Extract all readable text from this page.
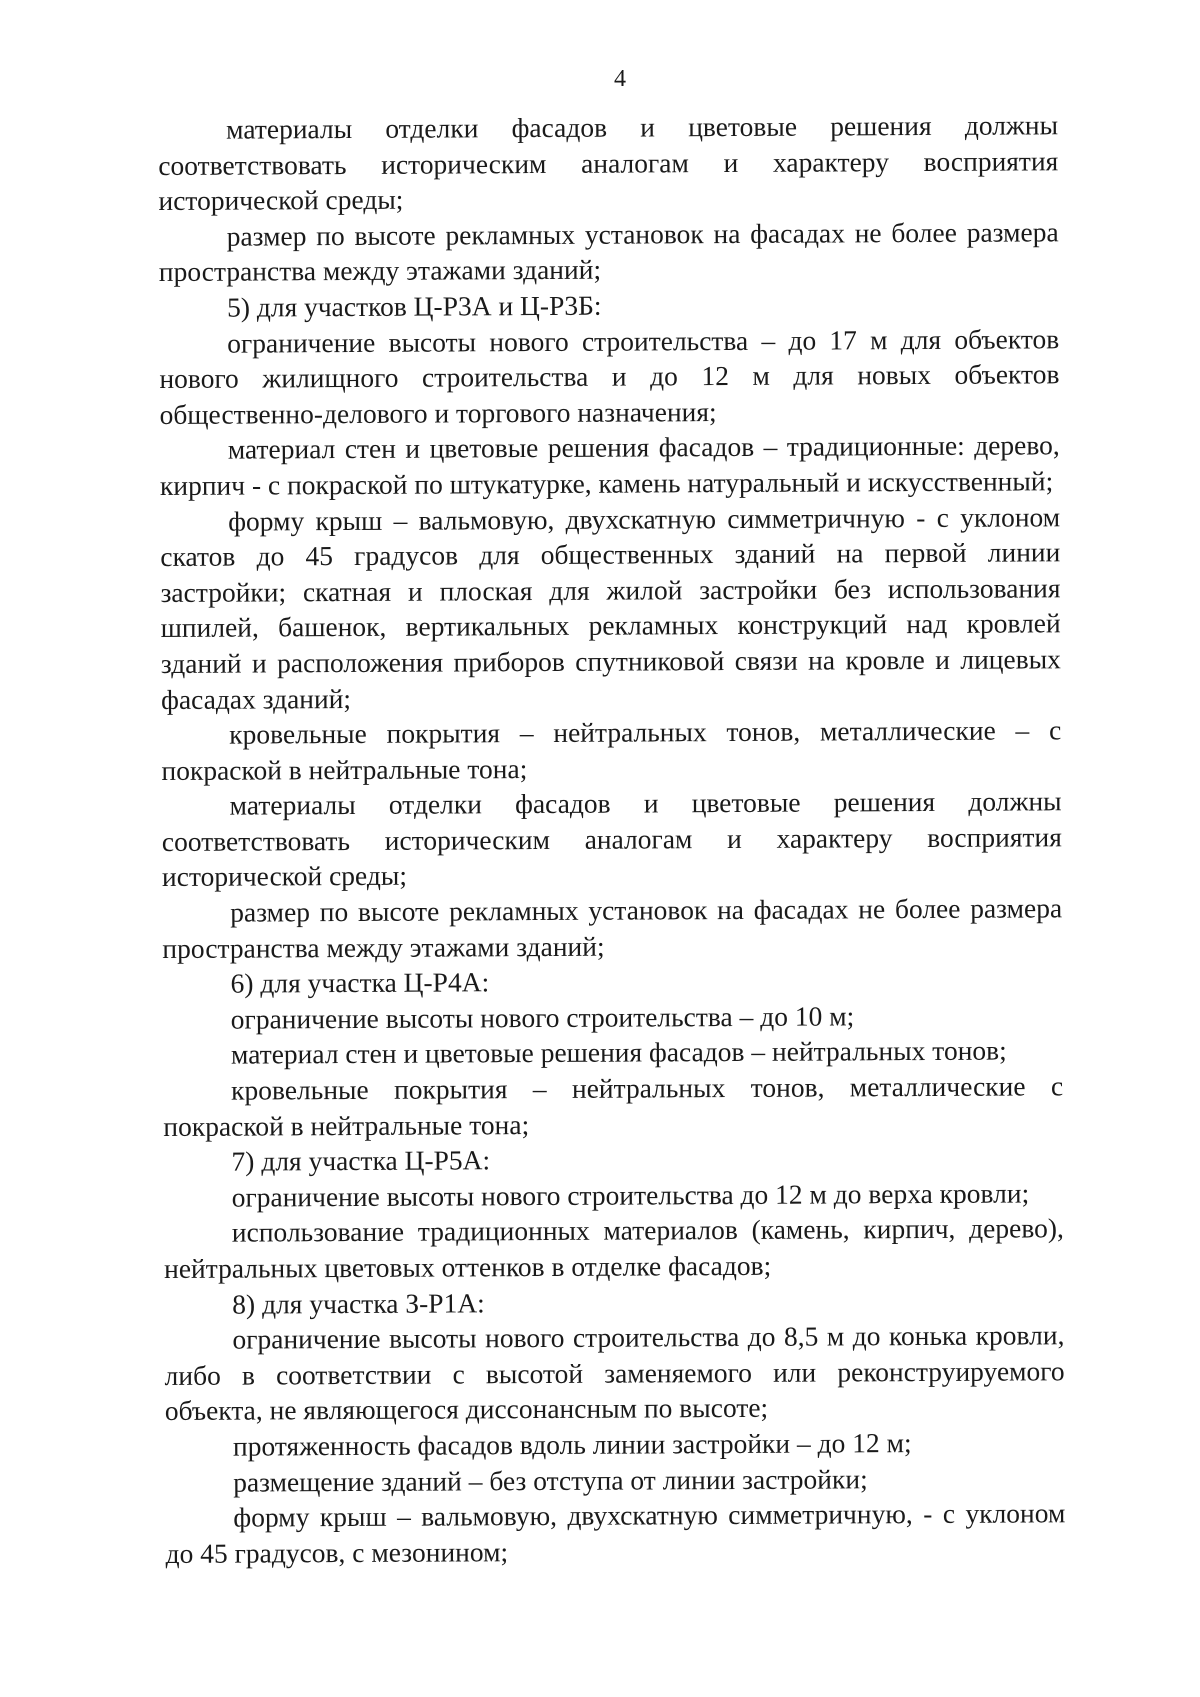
4

материалы отделки фасадов и цветовые решения должны соответствовать историческим аналогам и характеру восприятия исторической среды;

размер по высоте рекламных установок на фасадах не более размера пространства между этажами зданий;

5) для участков Ц-Р3А и Ц-Р3Б:

ограничение высоты нового строительства – до 17 м для объектов нового жилищного строительства и до 12 м для новых объектов общественно-делового и торгового назначения;

материал стен и цветовые решения фасадов – традиционные: дерево, кирпич - с покраской по штукатурке, камень натуральный и искусственный;

форму крыш – вальмовую, двухскатную симметричную - с уклоном скатов до 45 градусов для общественных зданий на первой линии застройки; скатная и плоская для жилой застройки без использования шпилей, башенок, вертикальных рекламных конструкций над кровлей зданий и расположения приборов спутниковой связи на кровле и лицевых фасадах зданий;

кровельные покрытия – нейтральных тонов, металлические – с покраской в нейтральные тона;

материалы отделки фасадов и цветовые решения должны соответствовать историческим аналогам и характеру восприятия исторической среды;

размер по высоте рекламных установок на фасадах не более размера пространства между этажами зданий;

6) для участка Ц-Р4А:

ограничение высоты нового строительства – до 10 м;

материал стен и цветовые решения фасадов – нейтральных тонов;

кровельные покрытия – нейтральных тонов, металлические с покраской в нейтральные тона;

7) для участка Ц-Р5А:

ограничение высоты нового строительства до 12 м до верха кровли;

использование традиционных материалов (камень, кирпич, дерево), нейтральных цветовых оттенков в отделке фасадов;

8) для участка З-Р1А:

ограничение высоты нового строительства до 8,5 м до конька кровли, либо в соответствии с высотой заменяемого или реконструируемого объекта, не являющегося диссонансным по высоте;

протяженность фасадов вдоль линии застройки – до 12 м;

размещение зданий – без отступа от линии застройки;

форму крыш – вальмовую, двухскатную симметричную, - с уклоном до 45 градусов, с мезонином;
